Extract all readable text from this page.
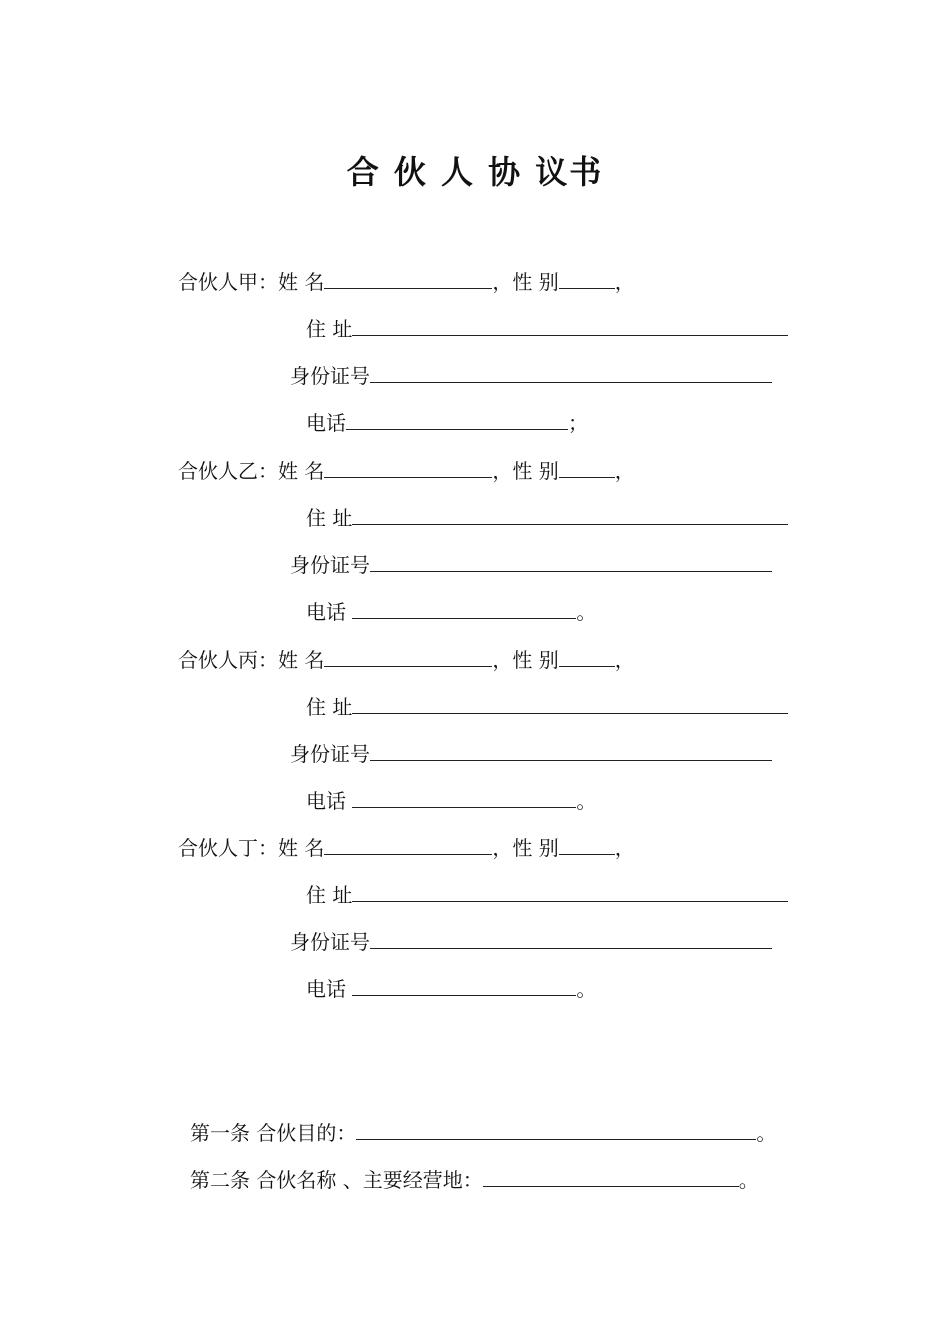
合 伙 人 协 议书
合伙人甲：姓 名	，性 别	，
住 址
身份证号
电话	；
合伙人乙：姓 名	，性 别	，
住 址
身份证号
电话	。
合伙人丙：姓 名	，性 别	，
住 址
身份证号
电话	。
合伙人丁：姓 名	，性 别	，
住 址
身份证号
电话	。
第一条 合伙目的：	。
第二条 合伙名称 、主要经营地：	。
